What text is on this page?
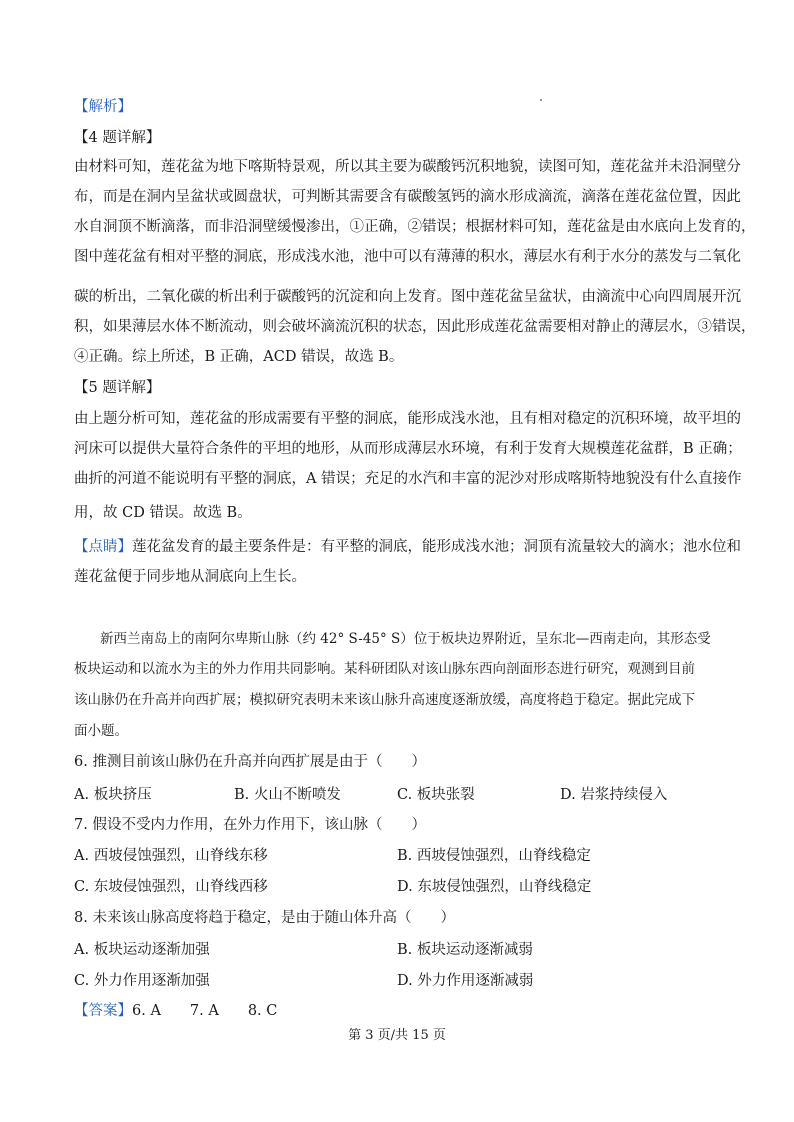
【解析】
【4 题详解】
由材料可知，莲花盆为地下喀斯特景观，所以其主要为碳酸钙沉积地貌，读图可知，莲花盆并未沿洞壁分
布，而是在洞内呈盆状或圆盘状，可判断其需要含有碳酸氢钙的滴水形成滴流，滴落在莲花盆位置，因此
水自洞顶不断滴落，而非沿洞壁缓慢渗出，①正确，②错误；根据材料可知，莲花盆是由水底向上发育的，
图中莲花盆有相对平整的洞底，形成浅水池，池中可以有薄薄的积水，薄层水有利于水分的蒸发与二氧化
碳的析出，二氧化碳的析出利于碳酸钙的沉淀和向上发育。图中莲花盆呈盆状，由滴流中心向四周展开沉
积，如果薄层水体不断流动，则会破坏滴流沉积的状态，因此形成莲花盆需要相对静止的薄层水，③错误，
④正确。综上所述，B 正确，ACD 错误，故选 B。
【5 题详解】
由上题分析可知，莲花盆的形成需要有平整的洞底，能形成浅水池，且有相对稳定的沉积环境，故平坦的
河床可以提供大量符合条件的平坦的地形，从而形成薄层水环境，有利于发育大规模莲花盆群，B 正确；
曲折的河道不能说明有平整的洞底，A 错误；充足的水汽和丰富的泥沙对形成喀斯特地貌没有什么直接作
用，故 CD 错误。故选 B。
【点睛】莲花盆发育的最主要条件是：有平整的洞底，能形成浅水池；洞顶有流量较大的滴水；池水位和
莲花盆便于同步地从洞底向上生长。
新西兰南岛上的南阿尔卑斯山脉（约 42° S-45° S）位于板块边界附近，呈东北—西南走向，其形态受
板块运动和以流水为主的外力作用共同影响。某科研团队对该山脉东西向剖面形态进行研究，观测到目前
该山脉仍在升高并向西扩展；模拟研究表明未来该山脉升高速度逐渐放缓，高度将趋于稳定。据此完成下
面小题。
6. 推测目前该山脉仍在升高并向西扩展是由于（　　）
A. 板块挤压	B. 火山不断喷发	C. 板块张裂	D. 岩浆持续侵入
7. 假设不受内力作用，在外力作用下，该山脉（　　）
A. 西坡侵蚀强烈，山脊线东移	B. 西坡侵蚀强烈，山脊线稳定
C. 东坡侵蚀强烈，山脊线西移	D. 东坡侵蚀强烈，山脊线稳定
8. 未来该山脉高度将趋于稳定，是由于随山体升高（　　）
A. 板块运动逐渐加强	B. 板块运动逐渐减弱
C. 外力作用逐渐加强	D. 外力作用逐渐减弱
【答案】6. A　　7. A　　8. C
第 3 页/共 15 页
